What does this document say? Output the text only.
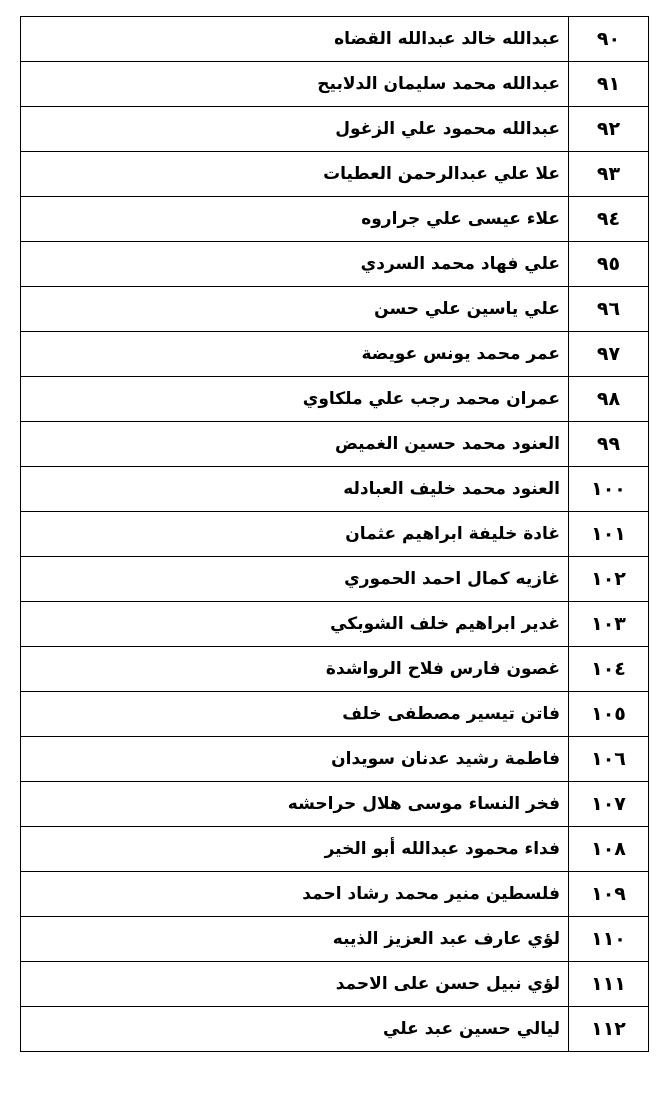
٩٠	عبدالله خالد عبدالله القضاه
٩١	عبدالله محمد سليمان الدلابيح
٩٢	عبدالله محمود علي الزغول
٩٣	علا علي عبدالرحمن العطيات
٩٤	علاء عيسى علي جراروه
٩٥	علي فهاد محمد السردي
٩٦	علي ياسين علي حسن
٩٧	عمر محمد يونس عويضة
٩٨	عمران محمد رجب علي ملكاوي
٩٩	العنود محمد حسين الغميض
١٠٠	العنود محمد خليف العبادله
١٠١	غادة خليفة ابراهيم عثمان
١٠٢	غازيه كمال احمد الحموري
١٠٣	غدير ابراهيم خلف الشوبكي
١٠٤	غصون فارس فلاح الرواشدة
١٠٥	فاتن تيسير مصطفى خلف
١٠٦	فاطمة رشيد عدنان سويدان
١٠٧	فخر النساء موسى هلال حراحشه
١٠٨	فداء محمود عبدالله أبو الخير
١٠٩	فلسطين منير محمد رشاد احمد
١١٠	لؤي عارف عبد العزيز الذيبه
١١١	لؤي نبيل حسن على الاحمد
١١٢	ليالي حسين عبد علي
